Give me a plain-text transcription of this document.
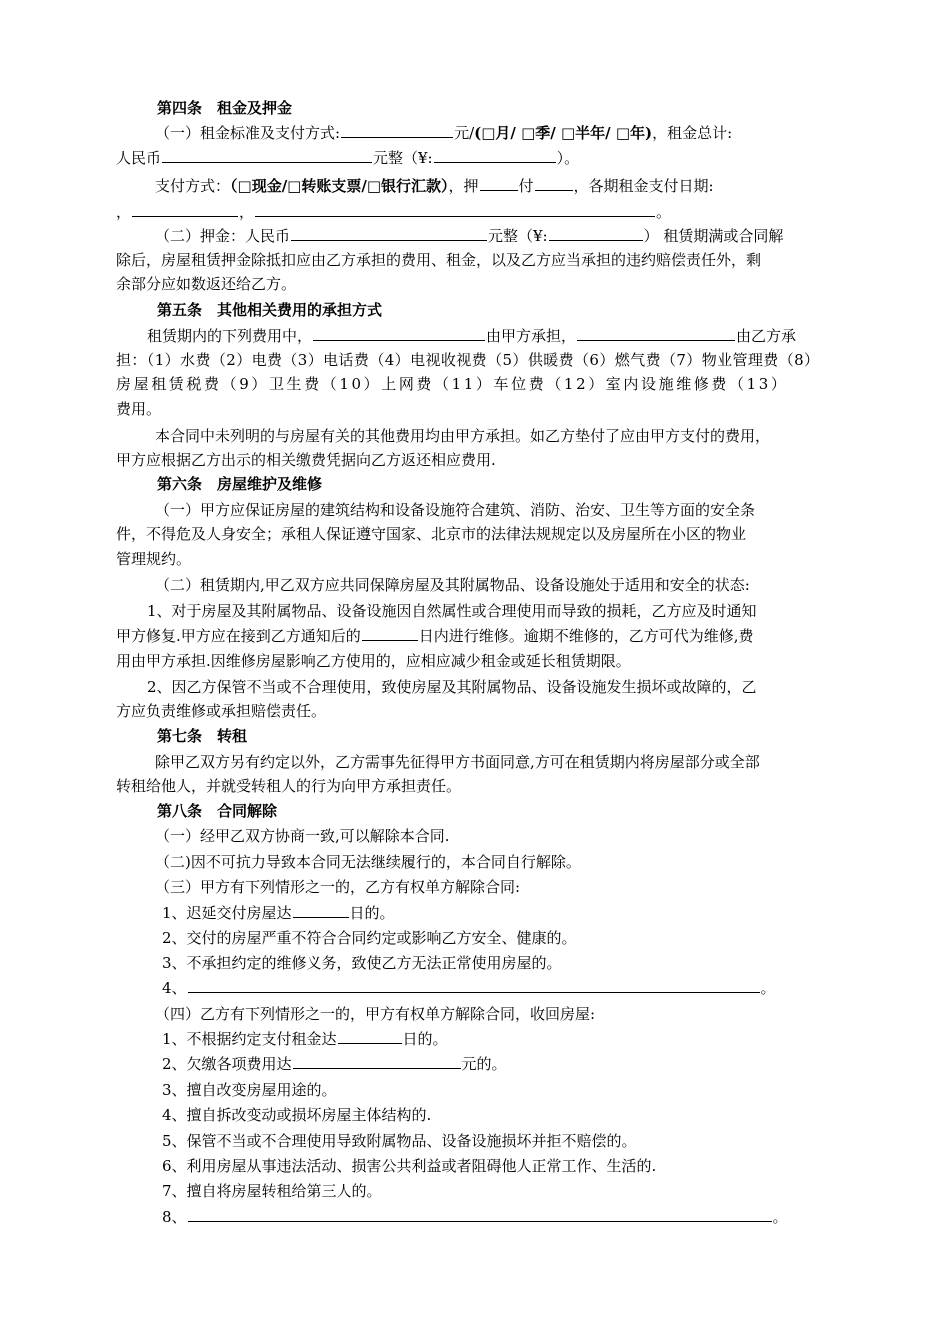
第四条　租金及押金
（一）租金标准及支付方式:	元/(□月/ □季/ □半年/ □年)，租金总计:
人民币	元整（¥:	）。
支付方式：（□现金/□转账支票/□银行汇款），押	付	，各期租金支付日期:
，	，	。
（二）押金：人民币	元整（¥:	） 租赁期满或合同解
除后，房屋租赁押金除抵扣应由乙方承担的费用、租金，以及乙方应当承担的违约赔偿责任外，剩
余部分应如数返还给乙方。
第五条　其他相关费用的承担方式
租赁期内的下列费用中，	由甲方承担，	由乙方承
担：（1）水费（2）电费（3）电话费（4）电视收视费（5）供暖费（6）燃气费（7）物业管理费（8）
房屋租赁税费（9）卫生费（10）上网费（11）车位费（12）室内设施维修费（13）
费用。
本合同中未列明的与房屋有关的其他费用均由甲方承担。如乙方垫付了应由甲方支付的费用，
甲方应根据乙方出示的相关缴费凭据向乙方返还相应费用.
第六条　房屋维护及维修
（一）甲方应保证房屋的建筑结构和设备设施符合建筑、消防、治安、卫生等方面的安全条
件，不得危及人身安全；承租人保证遵守国家、北京市的法律法规规定以及房屋所在小区的物业
管理规约。
（二）租赁期内,甲乙双方应共同保障房屋及其附属物品、设备设施处于适用和安全的状态:
1、对于房屋及其附属物品、设备设施因自然属性或合理使用而导致的损耗，乙方应及时通知
甲方修复.甲方应在接到乙方通知后的	日内进行维修。逾期不维修的，乙方可代为维修,费
用由甲方承担.因维修房屋影响乙方使用的，应相应减少租金或延长租赁期限。
2、因乙方保管不当或不合理使用，致使房屋及其附属物品、设备设施发生损坏或故障的，乙
方应负责维修或承担赔偿责任。
第七条　转租
除甲乙双方另有约定以外，乙方需事先征得甲方书面同意,方可在租赁期内将房屋部分或全部
转租给他人，并就受转租人的行为向甲方承担责任。
第八条　合同解除
（一）经甲乙双方协商一致,可以解除本合同.
（二)因不可抗力导致本合同无法继续履行的，本合同自行解除。
（三）甲方有下列情形之一的，乙方有权单方解除合同:
1、迟延交付房屋达	日的。
2、交付的房屋严重不符合合同约定或影响乙方安全、健康的。
3、不承担约定的维修义务，致使乙方无法正常使用房屋的。
4、	。
（四）乙方有下列情形之一的，甲方有权单方解除合同，收回房屋:
1、不根据约定支付租金达	日的。
2、欠缴各项费用达	元的。
3、擅自改变房屋用途的。
4、擅自拆改变动或损坏房屋主体结构的.
5、保管不当或不合理使用导致附属物品、设备设施损坏并拒不赔偿的。
6、利用房屋从事违法活动、损害公共利益或者阻碍他人正常工作、生活的.
7、擅自将房屋转租给第三人的。
8、	。
